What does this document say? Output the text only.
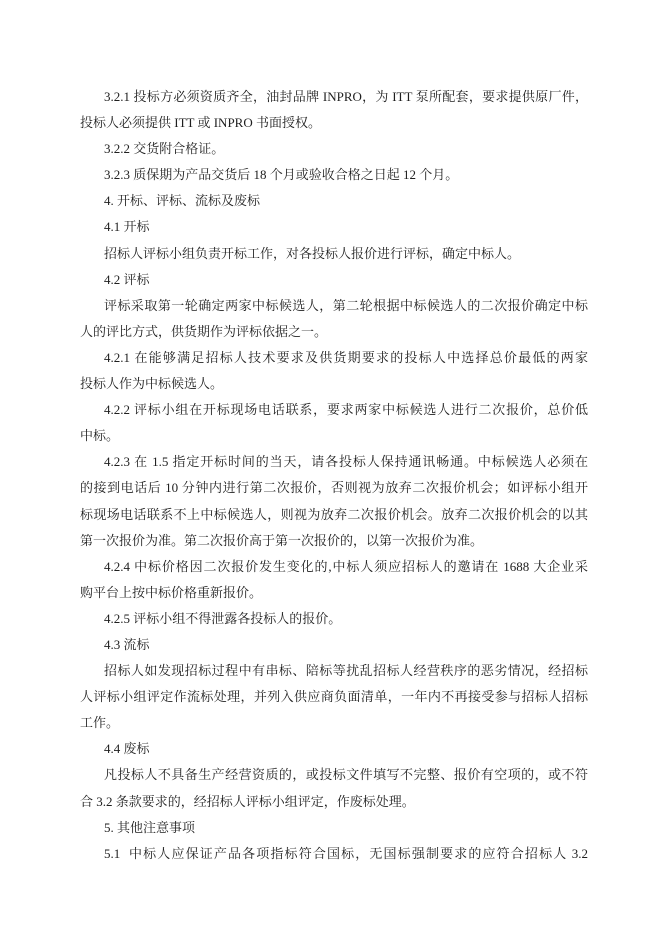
3.2.1 投标方必须资质齐全，油封品牌 INPRO，为 ITT 泵所配套，要求提供原厂件，
投标人必须提供 ITT 或 INPRO 书面授权。
3.2.2 交货附合格证。
3.2.3 质保期为产品交货后 18 个月或验收合格之日起 12 个月。
4. 开标、评标、流标及废标
4.1 开标
招标人评标小组负责开标工作，对各投标人报价进行评标，确定中标人。
4.2 评标
评标采取第一轮确定两家中标候选人，第二轮根据中标候选人的二次报价确定中标
人的评比方式，供货期作为评标依据之一。
4.2.1 在能够满足招标人技术要求及供货期要求的投标人中选择总价最低的两家
投标人作为中标候选人。
4.2.2 评标小组在开标现场电话联系，要求两家中标候选人进行二次报价，总价低
中标。
4.2.3 在 1.5 指定开标时间的当天，请各投标人保持通讯畅通。中标候选人必须在
的接到电话后 10 分钟内进行第二次报价，否则视为放弃二次报价机会；如评标小组开
标现场电话联系不上中标候选人，则视为放弃二次报价机会。放弃二次报价机会的以其
第一次报价为准。第二次报价高于第一次报价的，以第一次报价为准。
4.2.4 中标价格因二次报价发生变化的,中标人须应招标人的邀请在 1688 大企业采
购平台上按中标价格重新报价。
4.2.5 评标小组不得泄露各投标人的报价。
4.3 流标
招标人如发现招标过程中有串标、陪标等扰乱招标人经营秩序的恶劣情况，经招标
人评标小组评定作流标处理，并列入供应商负面清单，一年内不再接受参与招标人招标
工作。
4.4 废标
凡投标人不具备生产经营资质的，或投标文件填写不完整、报价有空项的，或不符
合 3.2 条款要求的，经招标人评标小组评定，作废标处理。
5. 其他注意事项
5.1  中标人应保证产品各项指标符合国标，无国标强制要求的应符合招标人 3.2
